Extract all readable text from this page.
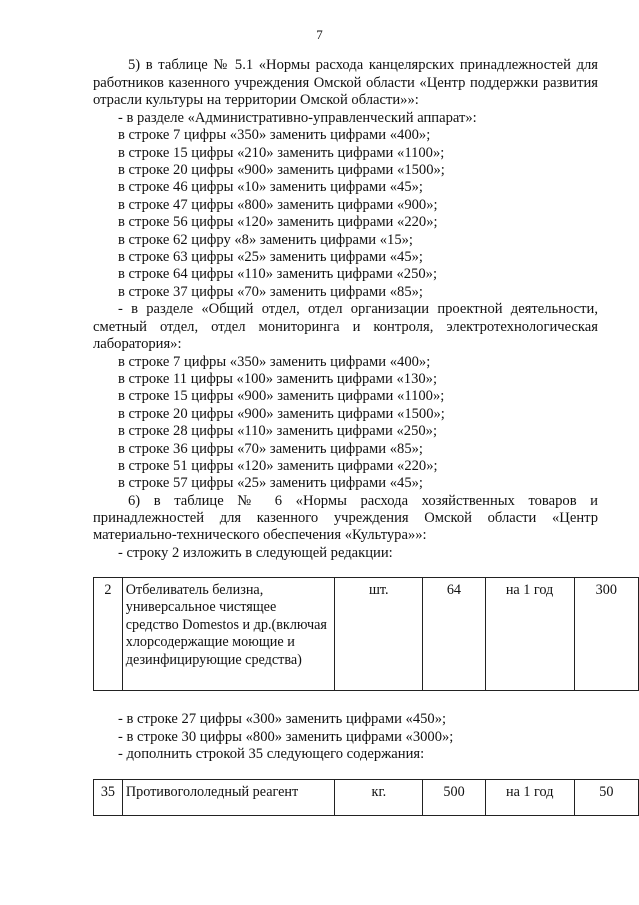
7
5) в таблице № 5.1 «Нормы расхода канцелярских принадлежностей для
работников казенного учреждения Омской области «Центр поддержки развития
отрасли культуры на территории Омской области»»:
- в разделе «Административно-управленческий аппарат»:
в строке 7 цифры «350» заменить цифрами «400»;
в строке 15 цифры «210» заменить цифрами «1100»;
в строке 20 цифры «900» заменить цифрами «1500»;
в строке 46 цифры «10» заменить цифрами «45»;
в строке 47 цифры «800» заменить цифрами «900»;
в строке 56 цифры «120» заменить цифрами «220»;
в строке 62 цифру «8» заменить цифрами «15»;
в строке 63 цифры «25» заменить цифрами «45»;
в строке 64 цифры «110» заменить цифрами «250»;
в строке 37 цифры «70» заменить цифрами «85»;
- в разделе «Общий отдел, отдел организации проектной деятельности,
сметный отдел, отдел мониторинга и контроля, электротехнологическая
лаборатория»:
в строке 7 цифры «350» заменить цифрами «400»;
в строке 11 цифры «100» заменить цифрами «130»;
в строке 15 цифры «900» заменить цифрами «1100»;
в строке 20 цифры «900» заменить цифрами «1500»;
в строке 28 цифры «110» заменить цифрами «250»;
в строке 36 цифры «70» заменить цифрами «85»;
в строке 51 цифры «120» заменить цифрами «220»;
в строке 57 цифры «25» заменить цифрами «45»;
6) в таблице № 6 «Нормы расхода хозяйственных товаров и
принадлежностей для казенного учреждения Омской области «Центр
материально-технического обеспечения «Культура»»:
- строку 2 изложить в следующей редакции:
2	Отбеливатель белизна, универсальное чистящее средство Domestos и др.(включая хлорсодержащие моющие и дезинфицирующие средства)	шт.	64	на 1 год	300
- в строке 27 цифры «300» заменить цифрами «450»;
- в строке 30 цифры «800» заменить цифрами «3000»;
- дополнить строкой 35 следующего содержания:
35	Противогололедный реагент	кг.	500	на 1 год	50
